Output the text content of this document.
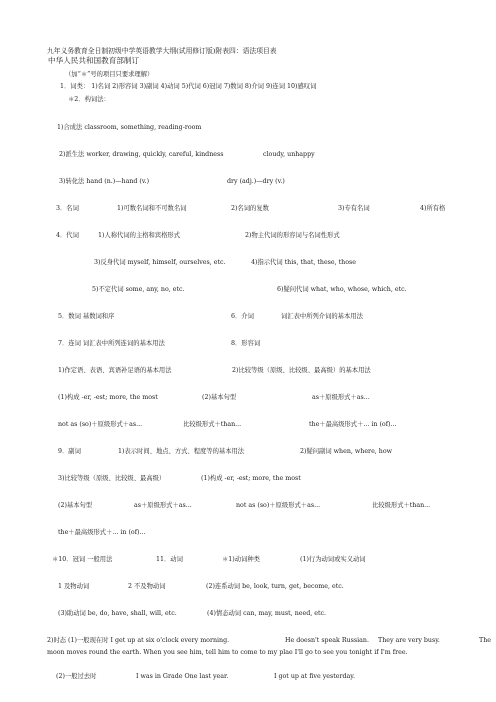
九年义务教育全日制初级中学英语教学大纲(试用修订版)附表四：语法项目表
中华人民共和国教育部制订
（加“＊”号的项目只要求理解）
1．词类： 1)名词 2)形容词 3)副词 4)动词 5)代词 6)冠词 7)数词 8)介词 9)连词 10)感叹词
＊2．构词法：
1)合成法 classroom, something, reading-room
2)派生法 worker, drawing, quickly, careful, kindness	cloudy, unhappy
3)转化法 hand (n.)—hand (v.)	dry (adj.)—dry (v.)
3．名词	1)可数名词和不可数名词	2)名词的复数	3)专有名词	4)所有格
4．代词	1)人称代词的主格和宾格形式	2)物主代词的形容词与名词性形式
3)反身代词 myself, himself, ourselves, etc.	4)指示代词 this, that, these, those
5)不定代词 some, any, no, etc.	6)疑问代词 what, who, whose, which, etc.
5．数词 基数词和序	6．介词	词汇表中所列介词的基本用法
7．连词 词汇表中所列连词的基本用法	8．形容词
1)作定语、表语、宾语补足语的基本用法	2)比较等级（原级、比较级、最高级）的基本用法
(1)构成 -er, -est; more, the most	(2)基本句型	as＋原级形式＋as...
not as (so)＋原级形式＋as...	比较级形式＋than...	the＋最高级形式＋... in (of)...
9．副词	1)表示时间、地点、方式、程度等的基本用法	2)疑问副词 when, where, how
3)比较等级（原级、比较级、最高级）	(1)构成 -er, -est; more, the most
(2)基本句型	as＋原级形式＋as...	not as (so)＋原级形式＋as...	比较级形式＋than...
the＋最高级形式＋... in (of)...
＊10．冠词 一般用法	11．动词	＊1)动词种类	(1)行为动词或实义动词
1 及物动词	2 不及物动词	(2)连系动词 be, look, turn, get, become, etc.
(3)助动词 be, do, have, shall, will, etc.	(4)情态动词 can, may, must, need, etc.
2)时态 (1)一般现在时 I get up at six o'clock every morning.	He doesn't speak Russian. They are very busy.	The
moon moves round the earth. When you see him, tell him to come to my plae I'll go to see you tonight if I'm free.
(2)一般过去时	I was in Grade One last year.	I got up at five yesterday.
